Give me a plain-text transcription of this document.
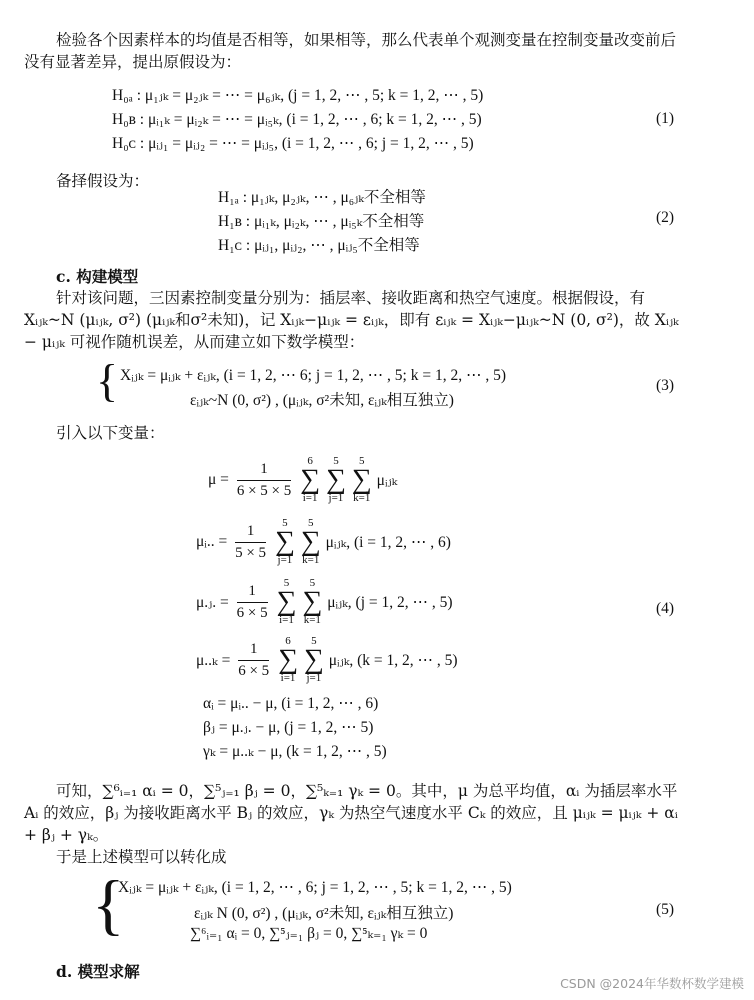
检验各个因素样本的均值是否相等，如果相等，那么代表单个观测变量在控制变量改变前后没有显著差异，提出原假设为：

H₀ₐ : μ₁ⱼₖ = μ₂ⱼₖ = ⋯ = μ₆ⱼₖ, (j = 1, 2, ⋯ , 5; k = 1, 2, ⋯ , 5)
H₀ʙ : μᵢ₁ₖ = μᵢ₂ₖ = ⋯ = μᵢ₅ₖ, (i = 1, 2, ⋯ , 6; k = 1, 2, ⋯ , 5)
H₀ᴄ : μᵢⱼ₁ = μᵢⱼ₂ = ⋯ = μᵢⱼ₅, (i = 1, 2, ⋯ , 6; j = 1, 2, ⋯ , 5)
(1)

备择假设为：

H₁ₐ : μ₁ⱼₖ, μ₂ⱼₖ, ⋯ , μ₆ⱼₖ不全相等
H₁ʙ : μᵢ₁ₖ, μᵢ₂ₖ, ⋯ , μᵢ₅ₖ不全相等
H₁ᴄ : μᵢⱼ₁, μᵢⱼ₂, ⋯ , μᵢⱼ₅不全相等
(2)
c. 构建模型

针对该问题，三因素控制变量分别为：插层率、接收距离和热空气速度。根据假设，有 Xᵢⱼₖ~N (μᵢⱼₖ, σ²) (μᵢⱼₖ和σ²未知)，记 Xᵢⱼₖ−μᵢⱼₖ = εᵢⱼₖ，即有 εᵢⱼₖ = Xᵢⱼₖ−μᵢⱼₖ~N (0, σ²)，故 Xᵢⱼₖ − μᵢⱼₖ 可视作随机误差，从而建立如下数学模型：

{ Xᵢⱼₖ = μᵢⱼₖ + εᵢⱼₖ, (i = 1, 2, ⋯ 6; j = 1, 2, ⋯ , 5; k = 1, 2, ⋯ , 5)
εᵢⱼₖ~N (0, σ²) , (μᵢⱼₖ, σ²未知, εᵢⱼₖ相互独立)
(3)

引入以下变量：

$\mu = \frac{1}{6 \times 5 \times 5}$
	6
∑
i=1

5
∑
j=1

5
∑
k=1
μᵢⱼₖ
μᵢ.. = $\frac{1}{5 \times 5}$
	5
∑
j=1

5
∑
k=1
μᵢⱼₖ, (i = 1, 2, ⋯ , 6)
μ.ⱼ. = $\frac{1}{6 \times 5}$
	5
∑
i=1

5
∑
k=1
μᵢⱼₖ, (j = 1, 2, ⋯ , 5)
$\mu.._k = \frac{1}{6 \times 5}$
	6
∑
i=1

5
∑
j=1
μᵢⱼₖ, (k = 1, 2, ⋯ , 5)
αᵢ = μᵢ.. − μ, (i = 1, 2, ⋯ , 6)
βⱼ = μ.ⱼ. − μ, (j = 1, 2, ⋯ 5)
γₖ = μ..ₖ − μ, (k = 1, 2, ⋯ , 5)
(4)

可知，∑⁶ᵢ₌₁ αᵢ = 0，∑⁵ⱼ₌₁ βⱼ = 0，∑⁵ₖ₌₁ γₖ = 0。其中，μ 为总平均值，αᵢ 为插层率水平 Aᵢ 的效应，βⱼ 为接收距离水平 Bⱼ 的效应，γₖ 为热空气速度水平 Cₖ 的效应，且 μᵢⱼₖ = μᵢⱼₖ + αᵢ + βⱼ + γₖ。

于是上述模型可以转化成

{
Xᵢⱼₖ = μᵢⱼₖ + εᵢⱼₖ, (i = 1, 2, ⋯ , 6; j = 1, 2, ⋯ , 5; k = 1, 2, ⋯ , 5)
εᵢⱼₖ N (0, σ²) , (μᵢⱼₖ, σ²未知, εᵢⱼₖ相互独立)
∑⁶ᵢ₌₁ αᵢ = 0, ∑⁵ⱼ₌₁ βⱼ = 0, ∑⁵ₖ₌₁ γₖ = 0
(5)
d. 模型求解
CSDN @2024年华数杯数学建模
